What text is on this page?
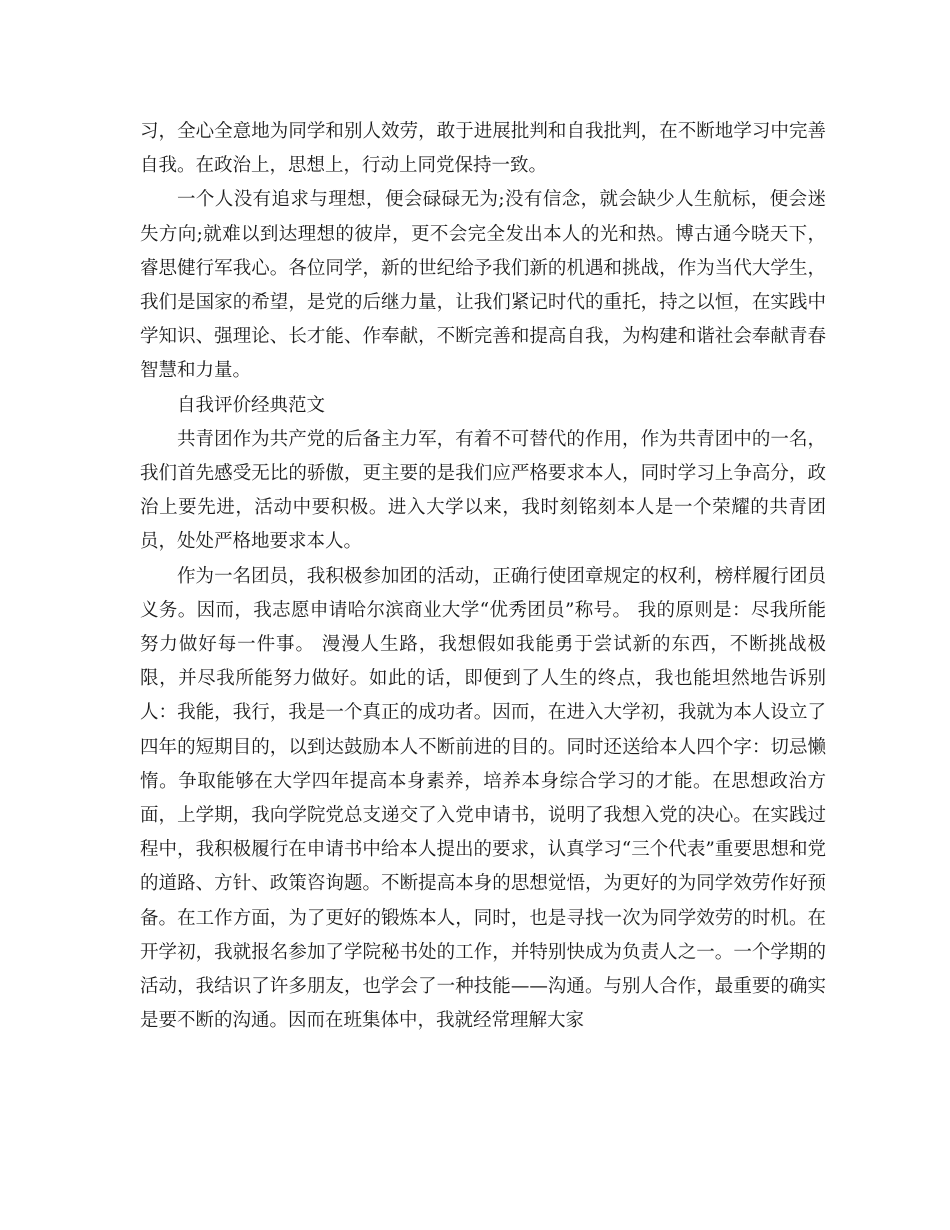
习，全心全意地为同学和别人效劳，敢于进展批判和自我批判，在不断地学习中完善自我。在政治上，思想上，行动上同党保持一致。

一个人没有追求与理想，便会碌碌无为;没有信念，就会缺少人生航标，便会迷失方向;就难以到达理想的彼岸，更不会完全发出本人的光和热。博古通今晓天下，睿思健行军我心。各位同学，新的世纪给予我们新的机遇和挑战，作为当代大学生，我们是国家的希望，是党的后继力量，让我们紧记时代的重托，持之以恒，在实践中学知识、强理论、长才能、作奉献，不断完善和提高自我，为构建和谐社会奉献青春智慧和力量。

自我评价经典范文

共青团作为共产党的后备主力军，有着不可替代的作用，作为共青团中的一名，我们首先感受无比的骄傲，更主要的是我们应严格要求本人，同时学习上争高分，政治上要先进，活动中要积极。进入大学以来，我时刻铭刻本人是一个荣耀的共青团员，处处严格地要求本人。

作为一名团员，我积极参加团的活动，正确行使团章规定的权利，榜样履行团员义务。因而，我志愿申请哈尔滨商业大学“优秀团员”称号。 我的原则是：尽我所能努力做好每一件事。 漫漫人生路，我想假如我能勇于尝试新的东西，不断挑战极限，并尽我所能努力做好。如此的话，即便到了人生的终点，我也能坦然地告诉别人：我能，我行，我是一个真正的成功者。因而，在进入大学初，我就为本人设立了四年的短期目的，以到达鼓励本人不断前进的目的。同时还送给本人四个字：切忌懒惰。争取能够在大学四年提高本身素养，培养本身综合学习的才能。在思想政治方面，上学期，我向学院党总支递交了入党申请书，说明了我想入党的决心。在实践过程中，我积极履行在申请书中给本人提出的要求，认真学习“三个代表”重要思想和党的道路、方针、政策咨询题。不断提高本身的思想觉悟，为更好的为同学效劳作好预备。在工作方面，为了更好的锻炼本人，同时，也是寻找一次为同学效劳的时机。在开学初，我就报名参加了学院秘书处的工作，并特别快成为负责人之一。一个学期的活动，我结识了许多朋友，也学会了一种技能——沟通。与别人合作，最重要的确实是要不断的沟通。因而在班集体中，我就经常理解大家
